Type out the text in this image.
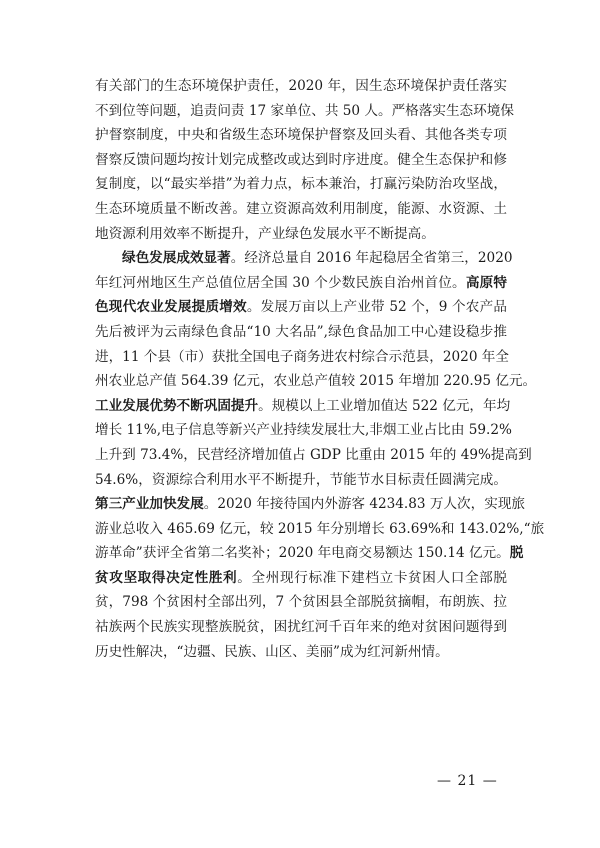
有关部门的生态环境保护责任，2020 年，因生态环境保护责任落实
不到位等问题，追责问责 17 家单位、共 50 人。严格落实生态环境保
护督察制度，中央和省级生态环境保护督察及回头看、其他各类专项
督察反馈问题均按计划完成整改或达到时序进度。健全生态保护和修
复制度，以“最实举措”为着力点，标本兼治，打赢污染防治攻坚战，
生态环境质量不断改善。建立资源高效利用制度，能源、水资源、土
地资源利用效率不断提升，产业绿色发展水平不断提高。
绿色发展成效显著。经济总量自 2016 年起稳居全省第三，2020
年红河州地区生产总值位居全国 30 个少数民族自治州首位。高原特
色现代农业发展提质增效。发展万亩以上产业带 52 个，9 个农产品
先后被评为云南绿色食品“10 大名品”,绿色食品加工中心建设稳步推
进，11 个县（市）获批全国电子商务进农村综合示范县，2020 年全
州农业总产值 564.39 亿元，农业总产值较 2015 年增加 220.95 亿元。
工业发展优势不断巩固提升。规模以上工业增加值达 522 亿元，年均
增长 11%,电子信息等新兴产业持续发展壮大,非烟工业占比由 59.2%
上升到 73.4%，民营经济增加值占 GDP 比重由 2015 年的 49%提高到
54.6%，资源综合利用水平不断提升，节能节水目标责任圆满完成。
第三产业加快发展。2020 年接待国内外游客 4234.83 万人次，实现旅
游业总收入 465.69 亿元，较 2015 年分别增长 63.69%和 143.02%,“旅
游革命”获评全省第二名奖补；2020 年电商交易额达 150.14 亿元。脱
贫攻坚取得决定性胜利。全州现行标准下建档立卡贫困人口全部脱
贫，798 个贫困村全部出列，7 个贫困县全部脱贫摘帽，布朗族、拉
祜族两个民族实现整族脱贫，困扰红河千百年来的绝对贫困问题得到
历史性解决，“边疆、民族、山区、美丽”成为红河新州情。
— 21 —
